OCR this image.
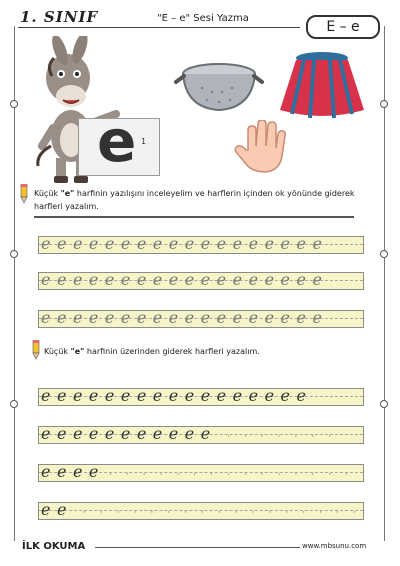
1. SINIF	"E – e" Sesi Yazma
E – e
e 1
Küçük "e" harfinin yazılışını inceleyelim ve harflerin içinden ok yönünde giderek harfleri yazalım.
eeeeeeeeeeeeeeeeee
eeeeeeeeeeeeeeeeee
eeeeeeeeeeeeeeeeee
Küçük "e" harfinin üzerinden giderek harfleri yazalım.
eeeeeeeeeeeeeeeee
eeeeeeeeeee ·······
eeee ···············
ee ·················
İLK OKUMA	www.mbsunu.com
